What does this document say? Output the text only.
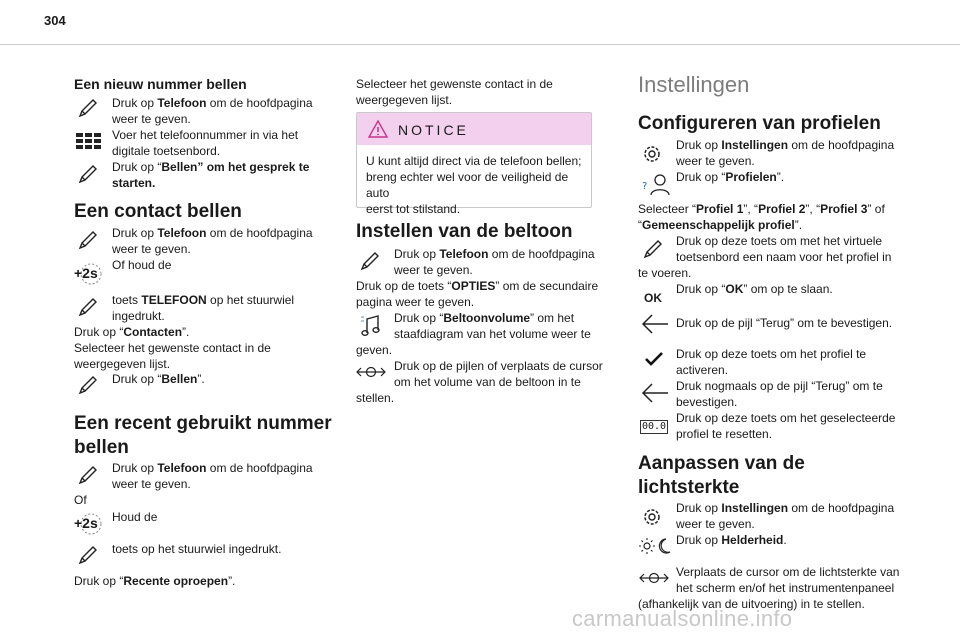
304
Een nieuw nummer bellen
Druk op Telefoon om de hoofdpagina
weer te geven.
Voer het telefoonnummer in via het
digitale toetsenbord.
Druk op “Bellen” om het gesprek te
starten.
Een contact bellen
Druk op Telefoon om de hoofdpagina
weer te geven.
+2s Of houd de
toets TELEFOON op het stuurwiel
ingedrukt.
Druk op “Contacten”.
Selecteer het gewenste contact in de
weergegeven lijst.
Druk op “Bellen”.
Een recent gebruikt nummer
bellen
Druk op Telefoon om de hoofdpagina
weer te geven.
Of
+2s Houd de
toets op het stuurwiel ingedrukt.
Druk op “Recente oproepen”.
Selecteer het gewenste contact in de
weergegeven lijst.
NOTICE
U kunt altijd direct via de telefoon bellen;
breng echter wel voor de veiligheid de auto
eerst tot stilstand.
Instellen van de beltoon
Druk op Telefoon om de hoofdpagina
weer te geven.
Druk op de toets “OPTIES” om de secundaire
pagina weer te geven.
Druk op “Beltoonvolume” om het
staafdiagram van het volume weer te
geven.
Druk op de pijlen of verplaats de cursor
om het volume van de beltoon in te
stellen.
Instellingen
Configureren van profielen
Druk op Instellingen om de hoofdpagina
weer te geven.
?
Druk op “Profielen”.
Selecteer “Profiel 1”, “Profiel 2”, “Profiel 3” of
“Gemeenschappelijk profiel”.
Druk op deze toets om met het virtuele
toetsenbord een naam voor het profiel in
te voeren.
OK
Druk op “OK” om op te slaan.
Druk op de pijl “Terug” om te bevestigen.
Druk op deze toets om het profiel te
activeren.
Druk nogmaals op de pijl “Terug” om te
bevestigen.
00.0
Druk op deze toets om het geselecteerde
profiel te resetten.
Aanpassen van de
lichtsterkte
Druk op Instellingen om de hoofdpagina
weer te geven.
Druk op Helderheid.
Verplaats de cursor om de lichtsterkte van
het scherm en/of het instrumentenpaneel
(afhankelijk van de uitvoering) in te stellen.
carmanualsonline.info
